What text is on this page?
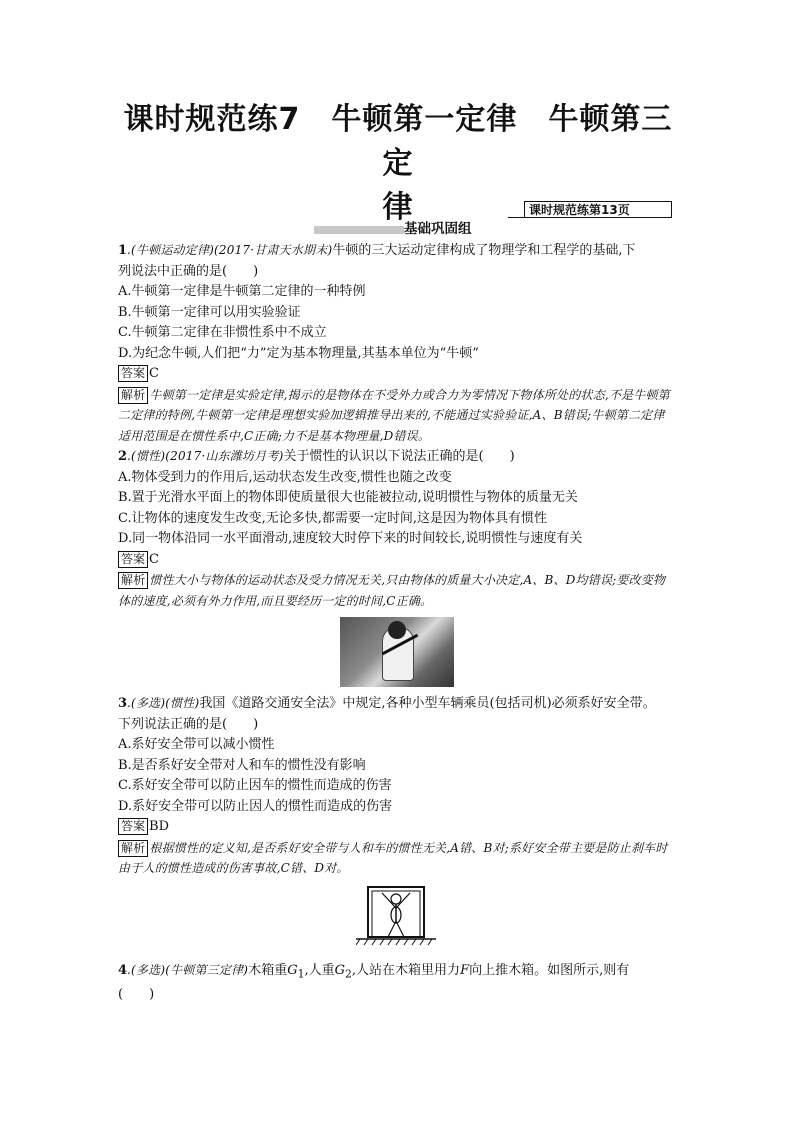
课时规范练7　牛顿第一定律　牛顿第三定
律	课时规范练第13页
基础巩固组
1.(牛顿运动定律)(2017·甘肃天水期末)牛顿的三大运动定律构成了物理学和工程学的基础,下
列说法中正确的是(　　)
A.牛顿第一定律是牛顿第二定律的一种特例
B.牛顿第一定律可以用实验验证
C.牛顿第二定律在非惯性系中不成立
D.为纪念牛顿,人们把“力”定为基本物理量,其基本单位为“牛顿”
答案 C
解析 牛顿第一定律是实验定律,揭示的是物体在不受外力或合力为零情况下物体所处的状态,不是牛顿第二定律的特例,牛顿第一定律是理想实验加逻辑推导出来的,不能通过实验验证,A、B错误;牛顿第二定律适用范围是在惯性系中,C正确;力不是基本物理量,D错误。
2.(惯性)(2017·山东潍坊月考)关于惯性的认识以下说法正确的是(　　)
A.物体受到力的作用后,运动状态发生改变,惯性也随之改变
B.置于光滑水平面上的物体即使质量很大也能被拉动,说明惯性与物体的质量无关
C.让物体的速度发生改变,无论多快,都需要一定时间,这是因为物体具有惯性
D.同一物体沿同一水平面滑动,速度较大时停下来的时间较长,说明惯性与速度有关
答案 C
解析 惯性大小与物体的运动状态及受力情况无关,只由物体的质量大小决定,A、B、D均错误;要改变物体的速度,必须有外力作用,而且要经历一定的时间,C正确。
3.(多选)(惯性)我国《道路交通安全法》中规定,各种小型车辆乘员(包括司机)必须系好安全带。
下列说法正确的是(　　)
A.系好安全带可以减小惯性
B.是否系好安全带对人和车的惯性没有影响
C.系好安全带可以防止因车的惯性而造成的伤害
D.系好安全带可以防止因人的惯性而造成的伤害
答案 BD
解析 根据惯性的定义知,是否系好安全带与人和车的惯性无关,A错、B对;系好安全带主要是防止刹车时由于人的惯性造成的伤害事故,C错、D对。
4.(多选)(牛顿第三定律)木箱重$G_1$,人重$G_2$,人站在木箱里用力F向上推木箱。如图所示,则有
(　　)
